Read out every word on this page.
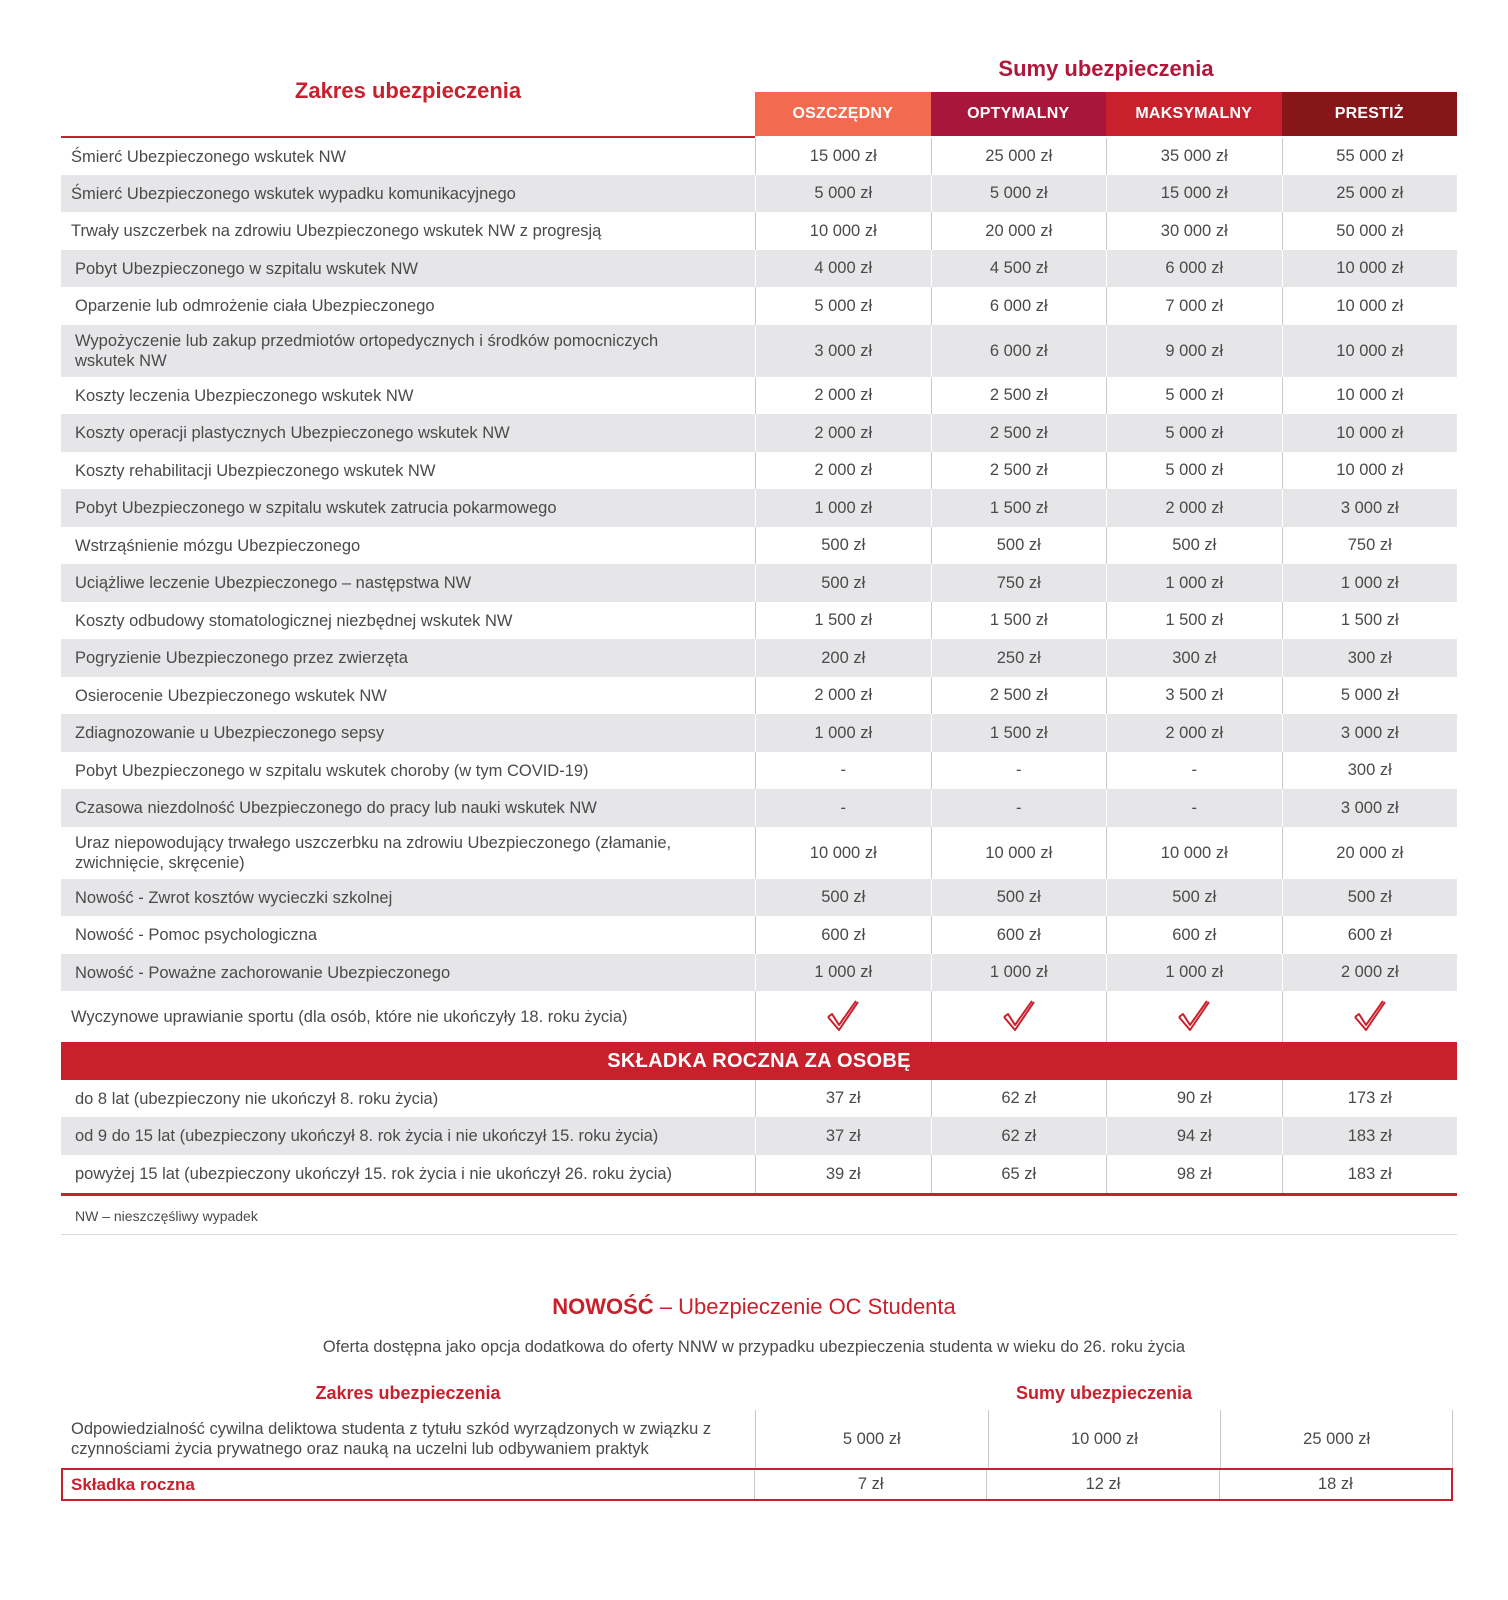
Zakres ubezpieczenia
Sumy ubezpieczenia
OSZCZĘDNY	OPTYMALNY	MAKSYMALNY	PRESTIŻ
Śmierć Ubezpieczonego wskutek NW	15 000 zł	25 000 zł	35 000 zł	55 000 zł
Śmierć Ubezpieczonego wskutek wypadku komunikacyjnego	5 000 zł	5 000 zł	15 000 zł	25 000 zł
Trwały uszczerbek na zdrowiu Ubezpieczonego wskutek NW z progresją	10 000 zł	20 000 zł	30 000 zł	50 000 zł
Pobyt Ubezpieczonego w szpitalu wskutek NW	4 000 zł	4 500 zł	6 000 zł	10 000 zł
Oparzenie lub odmrożenie ciała Ubezpieczonego	5 000 zł	6 000 zł	7 000 zł	10 000 zł
Wypożyczenie lub zakup przedmiotów ortopedycznych i środków pomocniczych wskutek NW
3 000 zł	6 000 zł	9 000 zł	10 000 zł
Koszty leczenia Ubezpieczonego wskutek NW	2 000 zł	2 500 zł	5 000 zł	10 000 zł
Koszty operacji plastycznych Ubezpieczonego wskutek NW	2 000 zł	2 500 zł	5 000 zł	10 000 zł
Koszty rehabilitacji Ubezpieczonego wskutek NW	2 000 zł	2 500 zł	5 000 zł	10 000 zł
Pobyt Ubezpieczonego w szpitalu wskutek zatrucia pokarmowego	1 000 zł	1 500 zł	2 000 zł	3 000 zł
Wstrząśnienie mózgu Ubezpieczonego	500 zł	500 zł	500 zł	750 zł
Uciążliwe leczenie Ubezpieczonego – następstwa NW	500 zł	750 zł	1 000 zł	1 000 zł
Koszty odbudowy stomatologicznej niezbędnej wskutek NW	1 500 zł	1 500 zł	1 500 zł	1 500 zł
Pogryzienie Ubezpieczonego przez zwierzęta	200 zł	250 zł	300 zł	300 zł
Osierocenie Ubezpieczonego wskutek NW	2 000 zł	2 500 zł	3 500 zł	5 000 zł
Zdiagnozowanie u Ubezpieczonego sepsy	1 000 zł	1 500 zł	2 000 zł	3 000 zł
Pobyt Ubezpieczonego w szpitalu wskutek choroby (w tym COVID-19)	-	-	-	300 zł
Czasowa niezdolność Ubezpieczonego do pracy lub nauki wskutek NW	-	-	-	3 000 zł
Uraz niepowodujący trwałego uszczerbku na zdrowiu Ubezpieczonego (złamanie, zwichnięcie, skręcenie)
10 000 zł	10 000 zł	10 000 zł	20 000 zł
Nowość - Zwrot kosztów wycieczki szkolnej	500 zł	500 zł	500 zł	500 zł
Nowość - Pomoc psychologiczna	600 zł	600 zł	600 zł	600 zł
Nowość - Poważne zachorowanie Ubezpieczonego	1 000 zł	1 000 zł	1 000 zł	2 000 zł
Wyczynowe uprawianie sportu (dla osób, które nie ukończyły 18. roku życia)
SKŁADKA ROCZNA ZA OSOBĘ
do 8 lat (ubezpieczony nie ukończył 8. roku życia)	37 zł	62 zł	90 zł	173 zł
od 9 do 15 lat (ubezpieczony ukończył 8. rok życia i nie ukończył 15. roku życia)	37 zł	62 zł	94 zł	183 zł
powyżej 15 lat (ubezpieczony ukończył 15. rok życia i nie ukończył 26. roku życia)	39 zł	65 zł	98 zł	183 zł
NW – nieszczęśliwy wypadek
NOWOŚĆ – Ubezpieczenie OC Studenta
Oferta dostępna jako opcja dodatkowa do oferty NNW w przypadku ubezpieczenia studenta w wieku do 26. roku życia
Zakres ubezpieczenia	Sumy ubezpieczenia
Odpowiedzialność cywilna deliktowa studenta z tytułu szkód wyrządzonych w związku z czynnościami życia prywatnego oraz nauką na uczelni lub odbywaniem praktyk
5 000 zł	10 000 zł	25 000 zł
Składka roczna	7 zł	12 zł	18 zł
